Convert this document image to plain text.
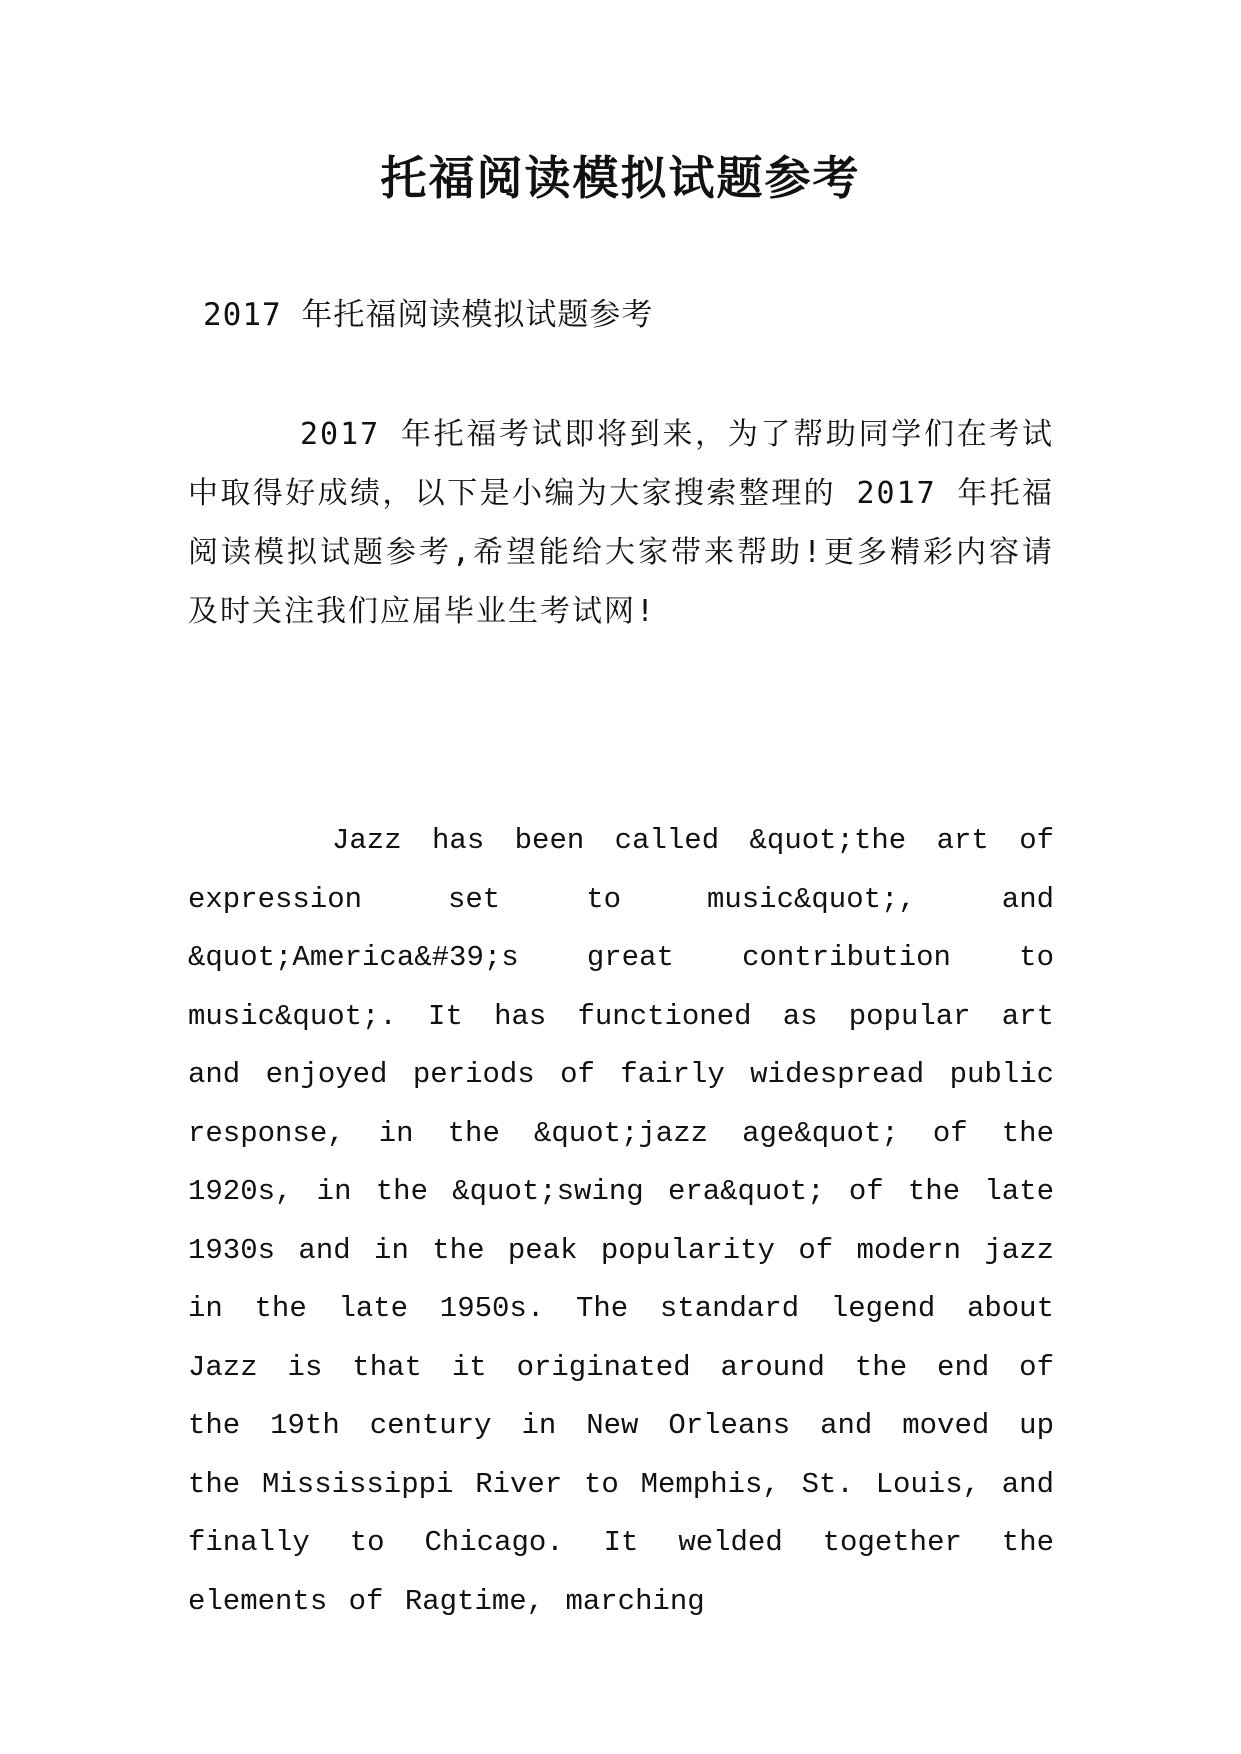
托福阅读模拟试题参考
2017 年托福阅读模拟试题参考
2017 年托福考试即将到来，为了帮助同学们在考试中取得好成绩，以下是小编为大家搜索整理的 2017 年托福阅读模拟试题参考,希望能给大家带来帮助!更多精彩内容请及时关注我们应届毕业生考试网!
Jazz has been called &quot;the art of expression set to music&quot;, and &quot;America&#39;s great contribution to music&quot;. It has functioned as popular art and enjoyed periods of fairly widespread public response, in the &quot;jazz age&quot; of the 1920s, in the &quot;swing era&quot; of the late 1930s and in the peak popularity of modern jazz in the late 1950s. The standard legend about Jazz is that it originated around the end of the 19th century in New Orleans and moved up the Mississippi River to Memphis, St. Louis, and finally to Chicago. It welded together the elements of Ragtime, marching
